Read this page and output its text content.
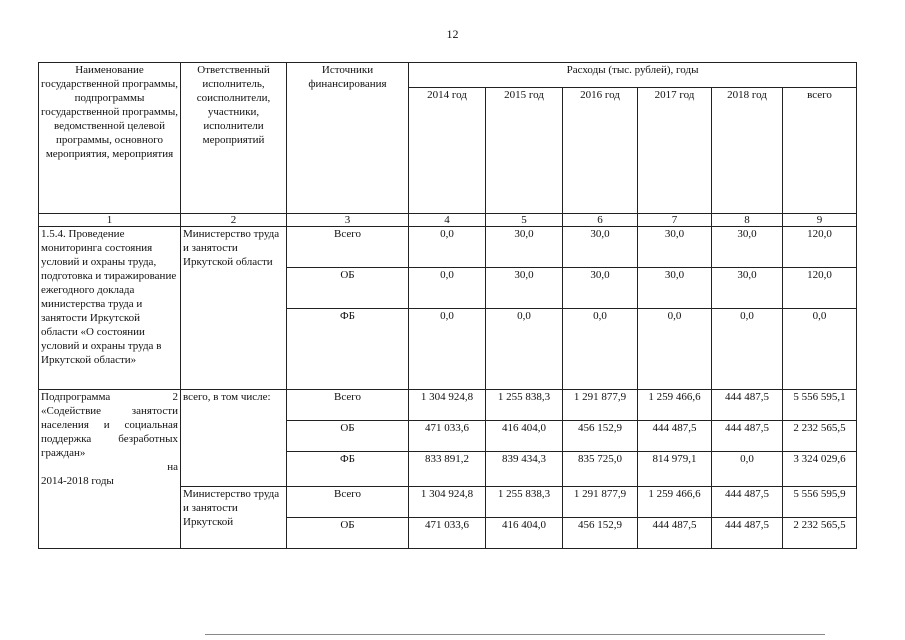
12
Наименование государственной программы, подпрограммы государственной программы, ведомственной целевой программы, основного мероприятия, мероприятия	Ответственный исполнитель, соисполнители, участники, исполнители мероприятий	Источники финансирования	Расходы (тыс. рублей), годы					
			2014 год	2015 год	2016 год	2017 год	2018 год	всего
1	2	3	4	5	6	7	8	9
1.5.4. Проведение мониторинга состояния условий и охраны труда, подготовка и тиражирование ежегодного доклада министерства труда и занятости Иркутской области «О состоянии условий и охраны труда в Иркутской области»	Министерство труда и занятости Иркутской области	Всего	0,0	30,0	30,0	30,0	30,0	120,0
		ОБ	0,0	30,0	30,0	30,0	30,0	120,0
		ФБ	0,0	0,0	0,0	0,0	0,0	0,0

Подпрограмма 2
«Содействие занятости населения и социальная поддержка безработных граждан»
на
2014-2018 годы	всего, в том числе:	Всего	1 304 924,8	1 255 838,3	1 291 877,9	1 259 466,6	444 487,5	5 556 595,1
		ОБ	471 033,6	416 404,0	456 152,9	444 487,5	444 487,5	2 232 565,5
		ФБ	833 891,2	839 434,3	835 725,0	814 979,1	0,0	3 324 029,6
	Министерство труда и занятости Иркутской	Всего	1 304 924,8	1 255 838,3	1 291 877,9	1 259 466,6	444 487,5	5 556 595,9
		ОБ	471 033,6	416 404,0	456 152,9	444 487,5	444 487,5	2 232 565,5
